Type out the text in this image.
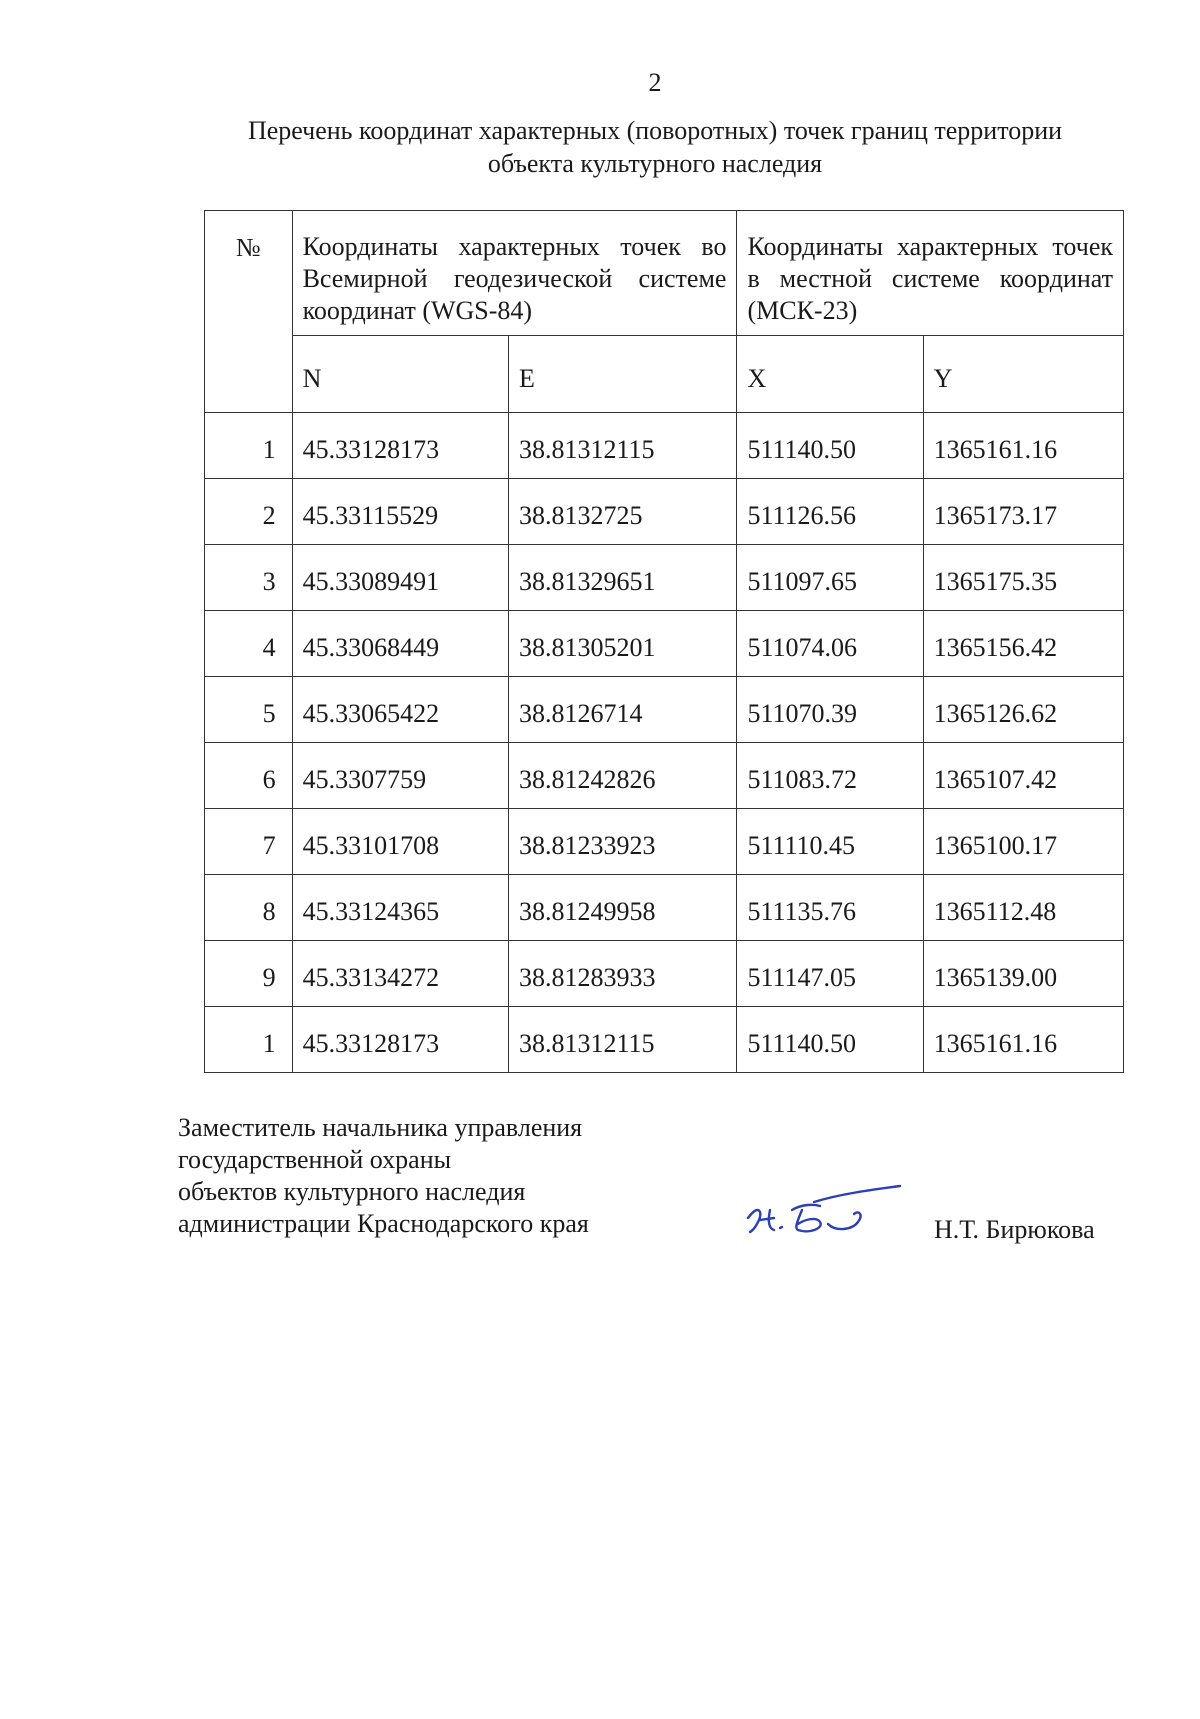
2
Перечень координат характерных (поворотных) точек границ территории
объекта культурного наследия
№	Координаты характерных точек во Всемирной геодезической системе координат (WGS-84)		Координаты характерных точек в местной системе координат (МСК-23)	
	N	E	X	Y
1	45.33128173	38.81312115	511140.50	1365161.16
2	45.33115529	38.8132725	511126.56	1365173.17
3	45.33089491	38.81329651	511097.65	1365175.35
4	45.33068449	38.81305201	511074.06	1365156.42
5	45.33065422	38.8126714	511070.39	1365126.62
6	45.3307759	38.81242826	511083.72	1365107.42
7	45.33101708	38.81233923	511110.45	1365100.17
8	45.33124365	38.81249958	511135.76	1365112.48
9	45.33134272	38.81283933	511147.05	1365139.00
1	45.33128173	38.81312115	511140.50	1365161.16
Заместитель начальника управления
государственной охраны
объектов культурного наследия
администрации Краснодарского края	Н.Т. Бирюкова
